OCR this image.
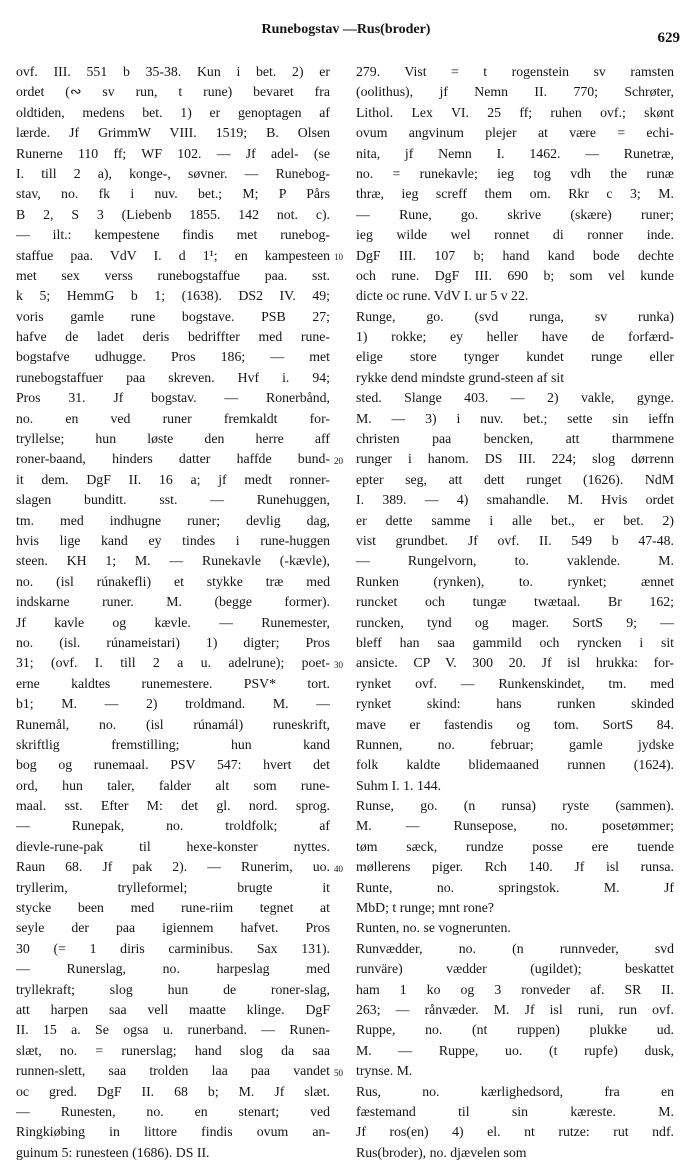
Runebogstav —Rus(broder)
629
ovf. III. 551 b 35-38. Kun i bet. 2) er
ordet (∾ sv run, t rune) bevaret fra
oldtiden, medens bet. 1) er genoptagen af
lærde. Jf GrimmW VIII. 1519; B. Olsen
Runerne 110 ff; WF 102. — Jf adel- (se
I. till 2 a), konge-, søvner. — Runebog-
stav, no. fk i nuv. bet.; M; P Pårs
B 2, S 3 (Liebenb 1855. 142 not. c).
— ilt.: kempestene findis met runebog-
staffue paa. VdV I. d 1¹; en kampesteen
met sex verss runebogstaffue paa. sst.
k 5; HemmG b 1; (1638). DS2 IV. 49;
voris gamle rune bogstave. PSB 27;
hafve de ladet deris bedriffter med rune-
bogstafve udhugge. Pros 186; — met
runebogstaffuer paa skreven. Hvf i. 94;
Pros 31. Jf bogstav. — Ronerbånd,
no. en ved runer fremkaldt for-
tryllelse; hun løste den herre aff
roner-baand, hinders datter haffde bund-
it dem. DgF II. 16 a; jf medt ronner-
slagen bunditt. sst. — Runehuggen,
tm. med indhugne runer; devlig dag,
hvis lige kand ey tindes i rune-huggen
steen. KH 1; M. — Runekavle (-kævle),
no. (isl rúnakefli) et stykke træ med
indskarne runer. M. (begge former).
Jf kavle og kævle. — Runemester,
no. (isl. rúnameistari) 1) digter; Pros
31; (ovf. I. till 2 a u. adelrune); poet-
erne kaldtes runemestere. PSV* tort.
b1; M. — 2) troldmand. M. —
Runemål, no. (isl rúnamál) runeskrift,
skriftlig fremstilling; hun kand
bog og runemaal. PSV 547: hvert det
ord, hun taler, falder alt som rune-
maal. sst. Efter M: det gl. nord. sprog.
— Runepak, no. troldfolk; af
dievle-rune-pak til hexe-konster nyttes.
Raun 68. Jf pak 2). — Runerim, uo.
tryllerim, trylleformel; brugte it
stycke been med rune-riim tegnet at
seyle der paa igiennem hafvet. Pros
30 (= 1 diris carminibus. Sax 131).
— Runerslag, no. harpeslag med
tryllekraft; slog hun de roner-slag,
att harpen saa vell maatte klinge. DgF
II. 15 a. Se ogsa u. runerband. — Runen-
slæt, no. = runerslag; hand slog da saa
runnen-slett, saa trolden laa paa vandet
oc gred. DgF II. 68 b; M. Jf slæt.
— Runesten, no. en stenart; ved
Ringkiøbing in littore findis ovum an-
guinum 5: runesteen (1686). DS II.
10
20
30
40
50
279. Vist = t rogenstein sv ramsten
(oolithus), jf Nemn II. 770; Schrøter,
Lithol. Lex VI. 25 ff; ruhen ovf.; skønt
ovum angvinum plejer at være = echi-
nita, jf Nemn I. 1462. — Runetræ,
no. = runekavle; ieg tog vdh the runæ
thræ, ieg screff them om. Rkr c 3; M.
— Rune, go. skrive (skære) runer;
ieg wilde wel ronnet di ronner inde.
DgF III. 107 b; hand kand bode dechte
och rune. DgF III. 690 b; som vel kunde
dicte oc rune. VdV I. ur 5 v 22.
Runge, go. (svd runga, sv runka)
1) rokke; ey heller have de forfærd-
elige store tynger kundet runge eller
rykke dend mindste grund-steen af sit
sted. Slange 403. — 2) vakle, gynge.
M. — 3) i nuv. bet.; sette sin ieffn
christen paa bencken, att tharmmene
runger i hanom. DS III. 224; slog dørrenn
epter seg, att dett runget (1626). NdM
I. 389. — 4) smahandle. M. Hvis ordet
er dette samme i alle bet., er bet. 2)
vist grundbet. Jf ovf. II. 549 b 47-48.
— Rungelvorn, to. vaklende. M.
Runken (rynken), to. rynket; ænnet
runcket och tungæ twætaal. Br 162;
runcken, tynd og mager. SortS 9; —
bleff han saa gammild och ryncken i sit
ansicte. CP V. 300 20. Jf isl hrukka: for-
rynket ovf. — Runkenskindet, tm. med
rynket skind: hans runken skinded
mave er fastendis og tom. SortS 84.
Runnen, no. februar; gamle jydske
folk kaldte blidemaaned runnen (1624).
Suhm I. 1. 144.
Runse, go. (n runsa) ryste (sammen).
M. — Runsepose, no. posetømmer;
tøm sæck, rundze posse ere tuende
møllerens piger. Rch 140. Jf isl runsa.
Runte, no. springstok. M. Jf
MbD; t runge; mnt rone?
Runten, no. se vognerunten.
Runvædder, no. (n runnveder, svd
runväre) vædder (ugildet); beskattet
ham 1 ko og 3 ronveder af. SR II.
263; — rånvæder. M. Jf isl runi, run ovf.
Ruppe, no. (nt ruppen) plukke ud.
M. — Ruppe, uo. (t rupfe) dusk,
trynse. M.
Rus, no. kærlighedsord, fra en
fæstemand til sin kæreste. M.
Jf ros(en) 4) el. nt rutze: rut ndf.
Rus(broder), no. djævelen som
